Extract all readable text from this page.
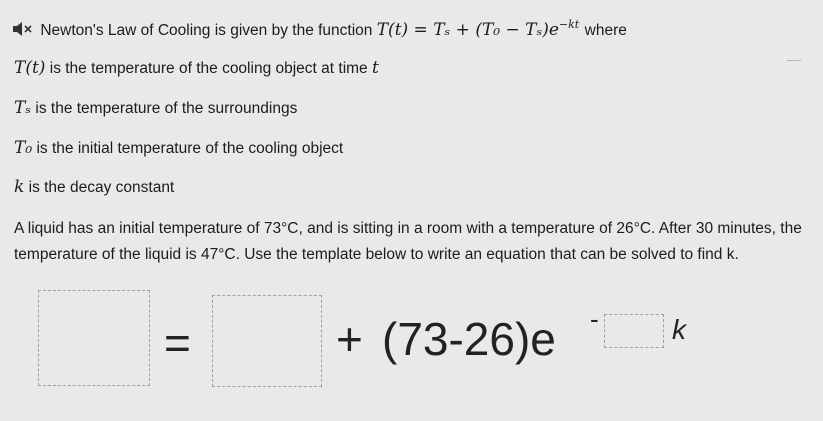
Newton's Law of Cooling is given by the function $T(t) = T_s + (T_0 - T_s)e^{-kt}$ where
T(t) is the temperature of the cooling object at time t
Tₛ is the temperature of the surroundings
T₀ is the initial temperature of the cooling object
k is the decay constant
A liquid has an initial temperature of 73°C, and is sitting in a room with a temperature of 26°C. After 30 minutes, the
temperature of the liquid is 47°C. Use the template below to write an equation that can be solved to find k.
=	+ (73-26)e -	k
